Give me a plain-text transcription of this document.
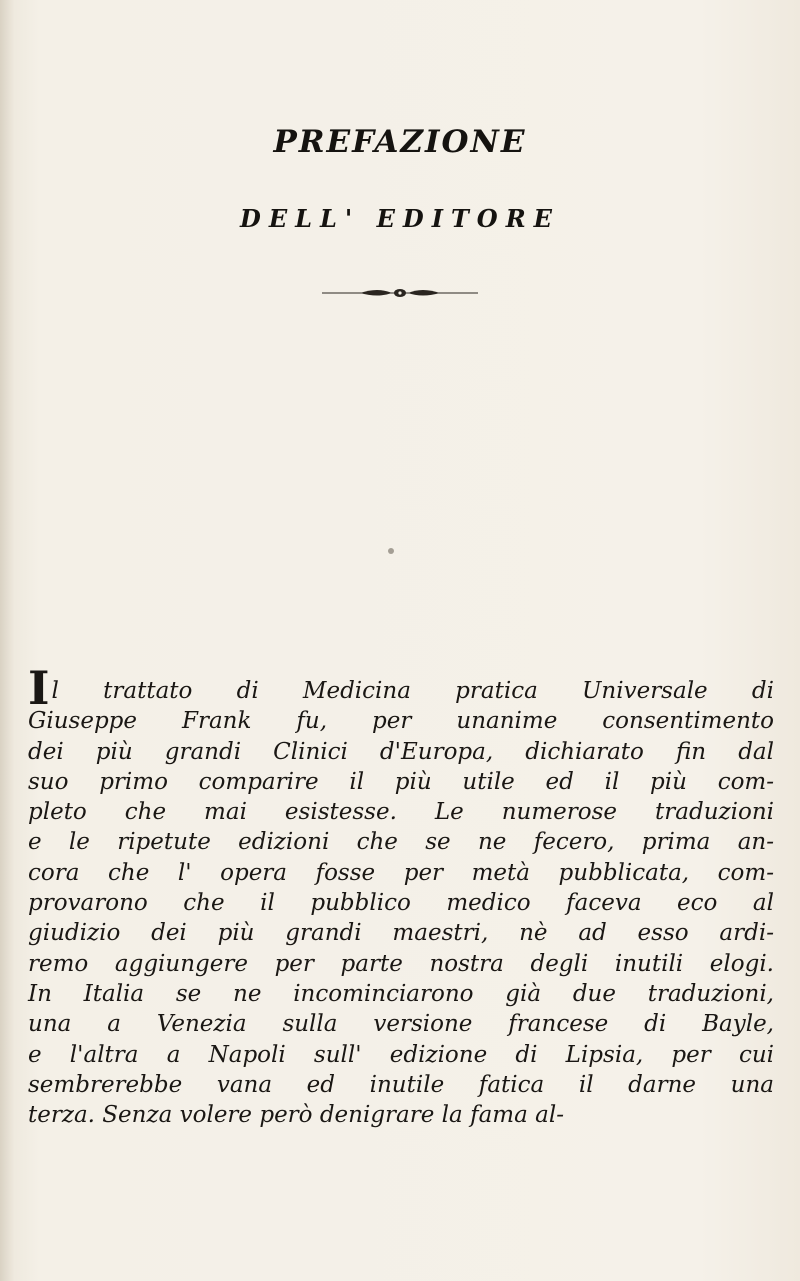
PREFAZIONE
DELL' EDITORE
Il trattato di Medicina pratica Universale di
Giuseppe Frank fu, per unanime consentimento
dei più grandi Clinici d'Europa, dichiarato fin dal
suo primo comparire il più utile ed il più com-
pleto che mai esistesse. Le numerose traduzioni
e le ripetute edizioni che se ne fecero, prima an-
cora che l' opera fosse per metà pubblicata, com-
provarono che il pubblico medico faceva eco al
giudizio dei più grandi maestri, nè ad esso ardi-
remo aggiungere per parte nostra degli inutili elogi.
In Italia se ne incominciarono già due traduzioni,
una a Venezia sulla versione francese di Bayle,
e l'altra a Napoli sull' edizione di Lipsia, per cui
sembrerebbe vana ed inutile fatica il darne una
terza. Senza volere però denigrare la fama al-
